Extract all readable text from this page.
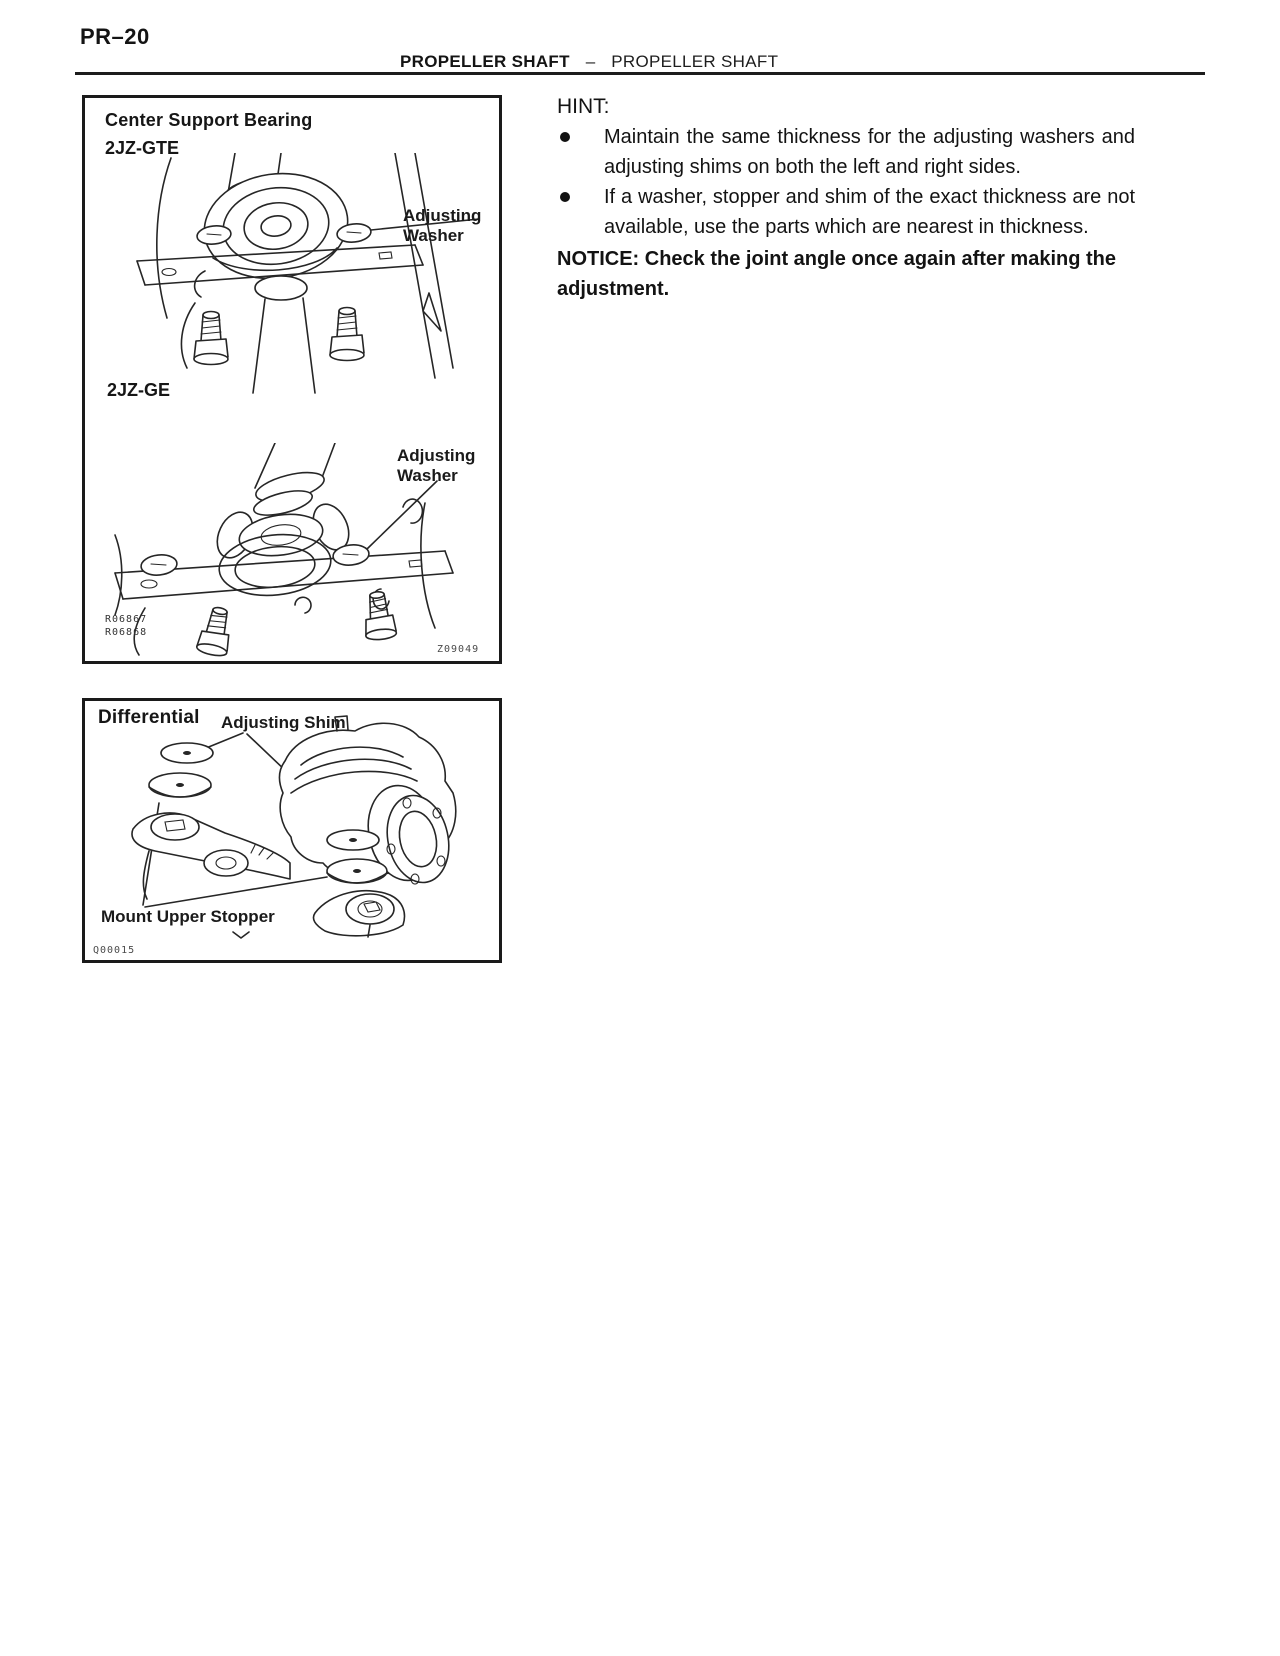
PR–20
PROPELLER SHAFT – PROPELLER SHAFT
Center Support Bearing
2JZ-GTE
Adjusting Washer
2JZ-GE
Adjusting Washer
R06867
R06868
Z09049
Differential Adjusting Shim
Mount Upper Stopper
Q00015
HINT:
Maintain the same thickness for the adjusting washers and adjusting shims on both the left and right sides.
If a washer, stopper and shim of the exact thickness are not available, use the parts which are nearest in thickness.
NOTICE: Check the joint angle once again after making the adjustment.
